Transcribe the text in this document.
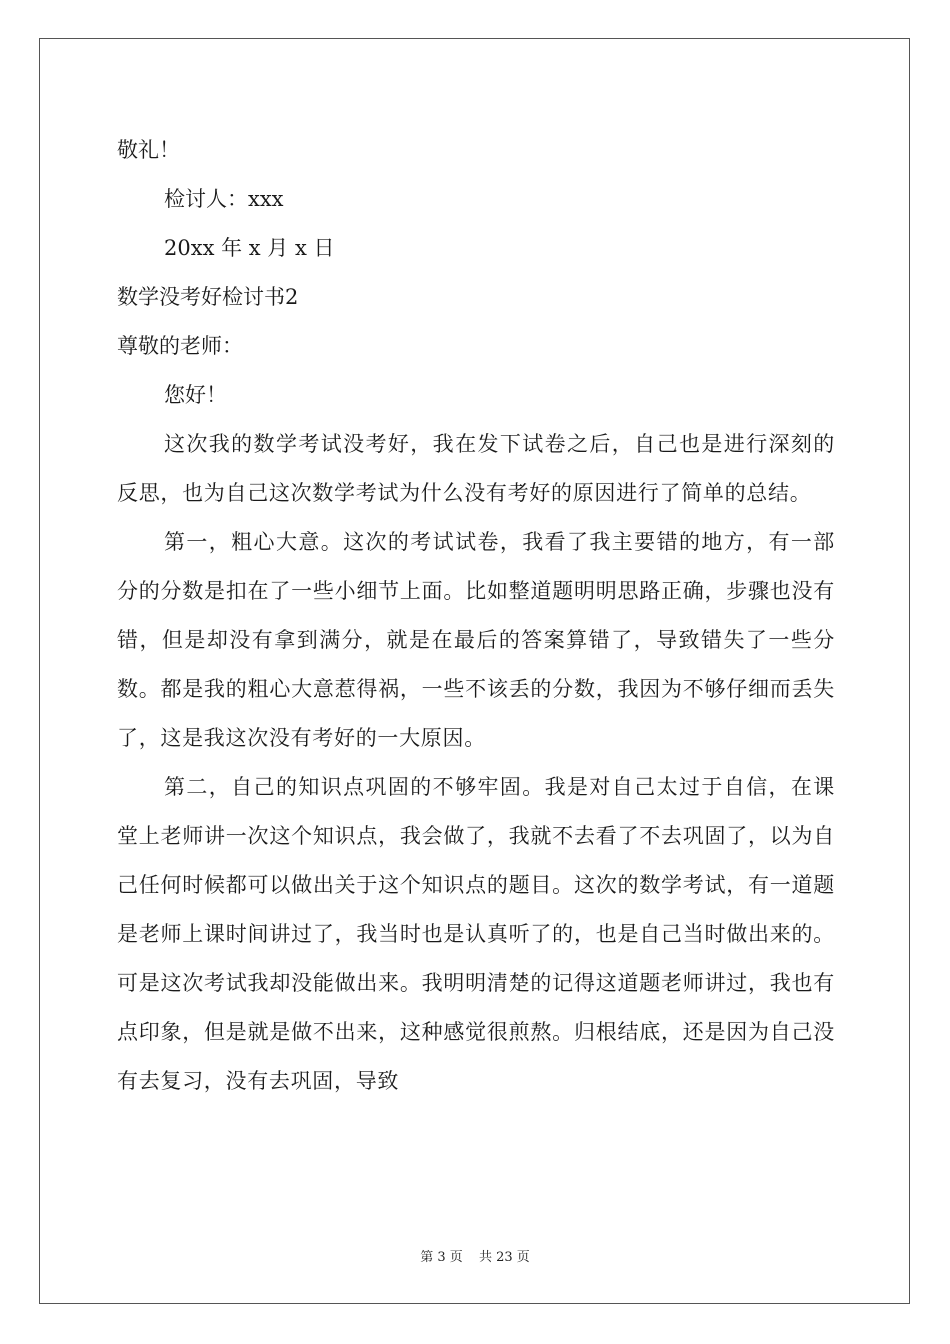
敬礼！
检讨人：xxx
20xx 年 x 月 x 日
数学没考好检讨书2
尊敬的老师：
您好！

这次我的数学考试没考好，我在发下试卷之后，自己也是进行深刻的反思，也为自己这次数学考试为什么没有考好的原因进行了简单的总结。

第一，粗心大意。这次的考试试卷，我看了我主要错的地方，有一部分的分数是扣在了一些小细节上面。比如整道题明明思路正确，步骤也没有错，但是却没有拿到满分，就是在最后的答案算错了，导致错失了一些分数。都是我的粗心大意惹得祸，一些不该丢的分数，我因为不够仔细而丢失了，这是我这次没有考好的一大原因。

第二，自己的知识点巩固的不够牢固。我是对自己太过于自信，在课堂上老师讲一次这个知识点，我会做了，我就不去看了不去巩固了，以为自己任何时候都可以做出关于这个知识点的题目。这次的数学考试，有一道题是老师上课时间讲过了，我当时也是认真听了的，也是自己当时做出来的。可是这次考试我却没能做出来。我明明清楚的记得这道题老师讲过，我也有点印象，但是就是做不出来，这种感觉很煎熬。归根结底，还是因为自己没有去复习，没有去巩固，导致

第 3 页 共 23 页
